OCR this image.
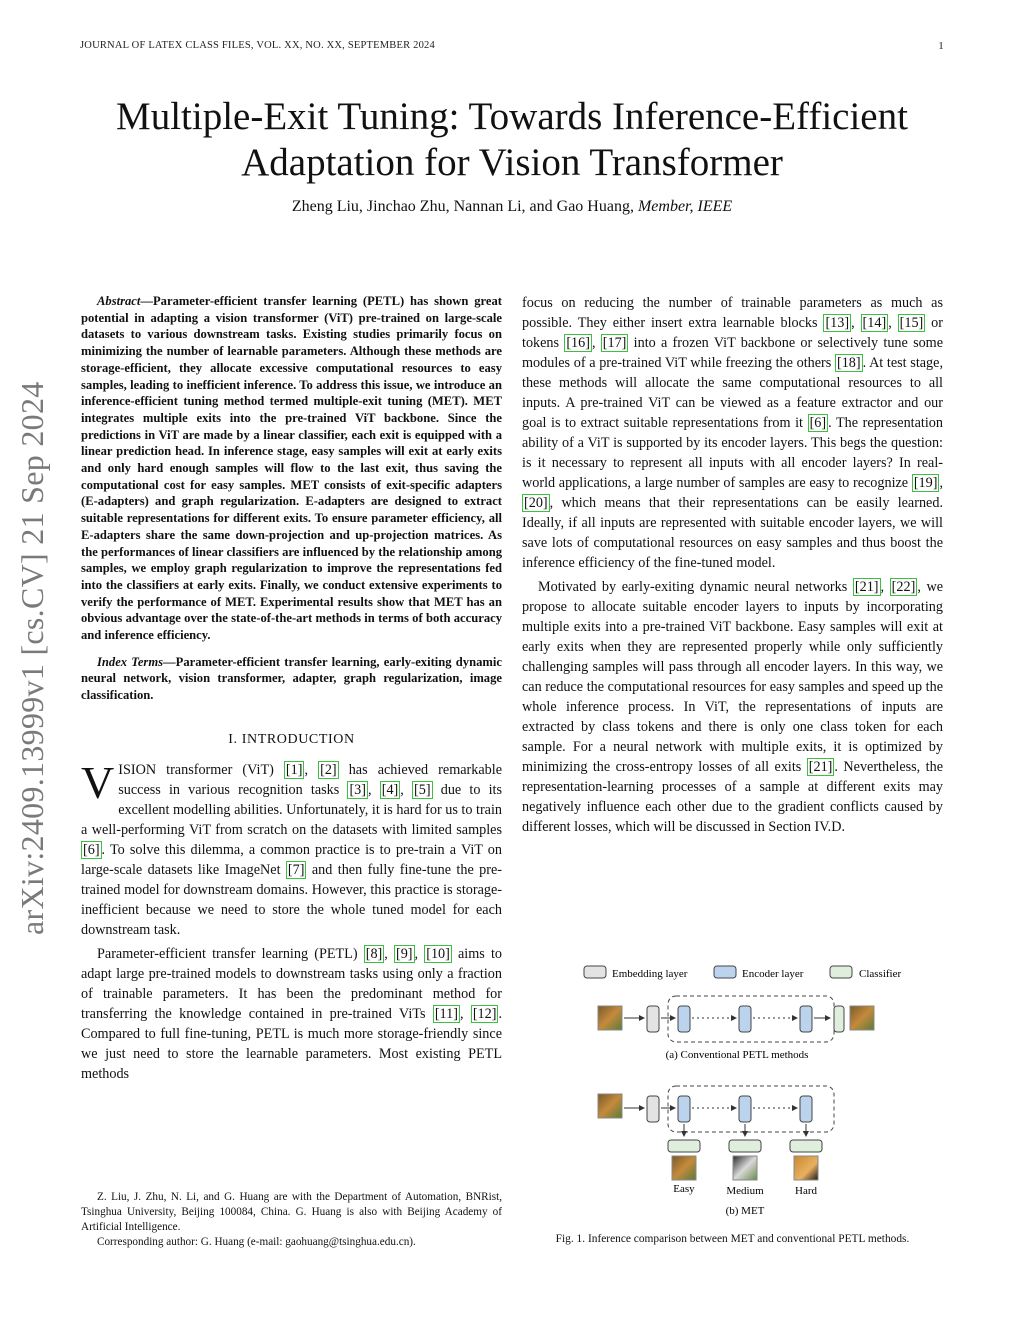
JOURNAL OF LATEX CLASS FILES, VOL. XX, NO. XX, SEPTEMBER 2024	1
Multiple-Exit Tuning: Towards Inference-Efficient
Adaptation for Vision Transformer
Zheng Liu, Jinchao Zhu, Nannan Li, and Gao Huang, Member, IEEE
arXiv:2409.13999v1 [cs.CV] 21 Sep 2024

Abstract—Parameter-efficient transfer learning (PETL) has shown great potential in adapting a vision transformer (ViT) pre-trained on large-scale datasets to various downstream tasks. Existing studies primarily focus on minimizing the number of learnable parameters. Although these methods are storage-efficient, they allocate excessive computational resources to easy samples, leading to inefficient inference. To address this issue, we introduce an inference-efficient tuning method termed multiple-exit tuning (MET). MET integrates multiple exits into the pre-trained ViT backbone. Since the predictions in ViT are made by a linear classifier, each exit is equipped with a linear prediction head. In inference stage, easy samples will exit at early exits and only hard enough samples will flow to the last exit, thus saving the computational cost for easy samples. MET consists of exit-specific adapters (E-adapters) and graph regularization. E-adapters are designed to extract suitable representations for different exits. To ensure parameter efficiency, all E-adapters share the same down-projection and up-projection matrices. As the performances of linear classifiers are influenced by the relationship among samples, we employ graph regularization to improve the representations fed into the classifiers at early exits. Finally, we conduct extensive experiments to verify the performance of MET. Experimental results show that MET has an obvious advantage over the state-of-the-art methods in terms of both accuracy and inference efficiency.

Index Terms—Parameter-efficient transfer learning, early-exiting dynamic neural network, vision transformer, adapter, graph regularization, image classification.

I. INTRODUCTION

VISION transformer (ViT) [1] , [2] has achieved remarkable success in various recognition tasks [3] , [4] , [5] due to its excellent modelling abilities. Unfortunately, it is hard for us to train a well-performing ViT from scratch on the datasets with limited samples [6] . To solve this dilemma, a common practice is to pre-train a ViT on large-scale datasets like ImageNet [7] and then fully fine-tune the pre-trained model for downstream domains. However, this practice is storage-inefficient because we need to store the whole tuned model for each downstream task.

Parameter-efficient transfer learning (PETL) [8] , [9] , [10] aims to adapt large pre-trained models to downstream tasks using only a fraction of trainable parameters. It has been the predominant method for transferring the knowledge contained in pre-trained ViTs [11] , [12] . Compared to full fine-tuning, PETL is much more storage-friendly since we just need to store the learnable parameters. Most existing PETL methods

Z. Liu, J. Zhu, N. Li, and G. Huang are with the Department of Automation, BNRist, Tsinghua University, Beijing 100084, China. G. Huang is also with Beijing Academy of Artificial Intelligence.

Corresponding author: G. Huang (e-mail: gaohuang@tsinghua.edu.cn).

focus on reducing the number of trainable parameters as much as possible. They either insert extra learnable blocks [13] , [14] , [15] or tokens [16] , [17] into a frozen ViT backbone or selectively tune some modules of a pre-trained ViT while freezing the others [18] . At test stage, these methods will allocate the same computational resources to all inputs. A pre-trained ViT can be viewed as a feature extractor and our goal is to extract suitable representations from it [6] . The representation ability of a ViT is supported by its encoder layers. This begs the question: is it necessary to represent all inputs with all encoder layers? In real-world applications, a large number of samples are easy to recognize [19] , [20] , which means that their representations can be easily learned. Ideally, if all inputs are represented with suitable encoder layers, we will save lots of computational resources on easy samples and thus boost the inference efficiency of the fine-tuned model.

Motivated by early-exiting dynamic neural networks [21] , [22] , we propose to allocate suitable encoder layers to inputs by incorporating multiple exits into a pre-trained ViT backbone. Easy samples will exit at early exits when they are represented properly while only sufficiently challenging samples will pass through all encoder layers. In this way, we can reduce the computational resources for easy samples and speed up the whole inference process. In ViT, the representations of inputs are extracted by class tokens and there is only one class token for each sample. For a neural network with multiple exits, it is optimized by minimizing the cross-entropy losses of all exits [21] . Nevertheless, the representation-learning processes of a sample at different exits may negatively influence each other due to the gradient conflicts caused by different losses, which will be discussed in Section IV.D.

Embedding layer	Encoder layer	Classifier
(a) Conventional PETL methods
Easy	Medium	Hard
(b) MET
Fig. 1. Inference comparison between MET and conventional PETL methods.
